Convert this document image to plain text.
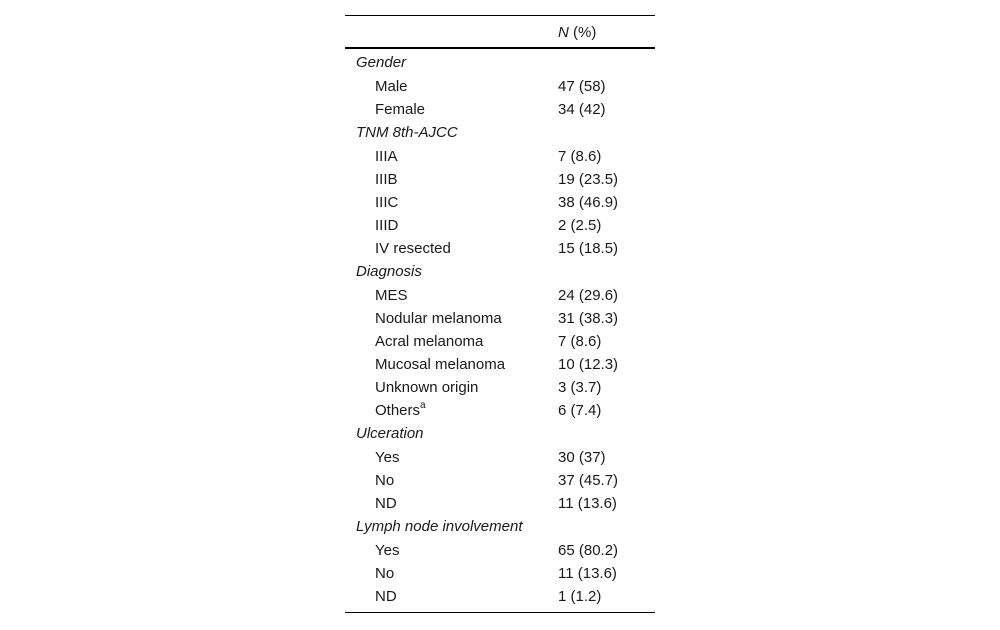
N (%)
Gender
Male	47 (58)
Female	34 (42)
TNM 8th-AJCC
IIIA	7 (8.6)
IIIB	19 (23.5)
IIIC	38 (46.9)
IIID	2 (2.5)
IV resected	15 (18.5)
Diagnosis
MES	24 (29.6)
Nodular melanoma	31 (38.3)
Acral melanoma	7 (8.6)
Mucosal melanoma	10 (12.3)
Unknown origin	3 (3.7)
Others$^a$	6 (7.4)
Ulceration
Yes	30 (37)
No	37 (45.7)
ND	11 (13.6)
Lymph node involvement
Yes	65 (80.2)
No	11 (13.6)
ND	1 (1.2)
